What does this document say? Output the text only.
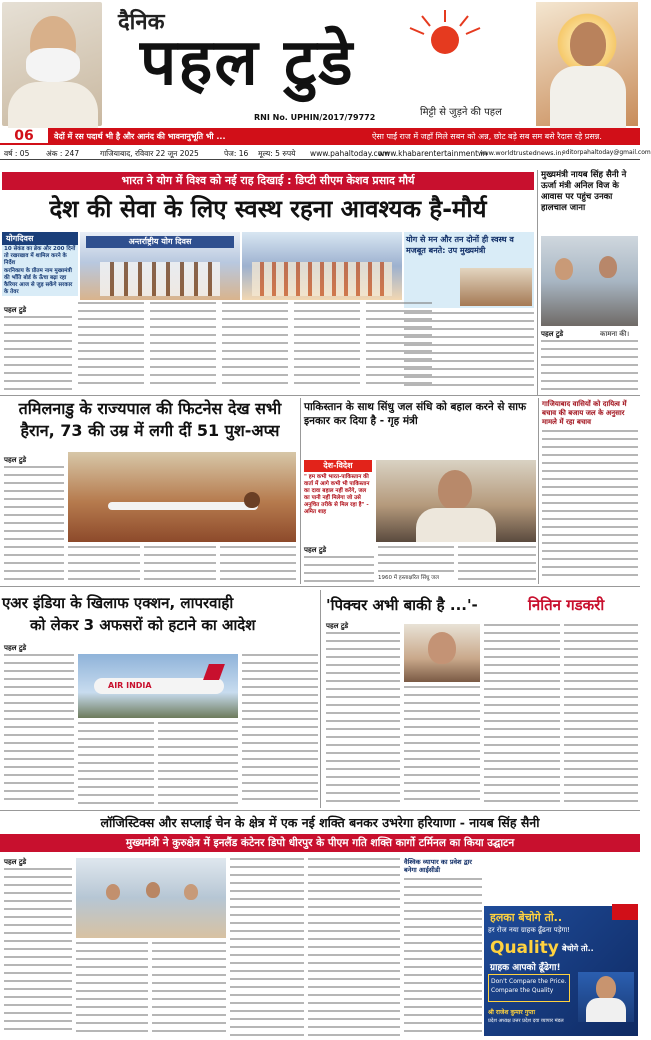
दैनिक
पहल टुडे
मिट्टी से जुड़ने की पहल
RNI No. UPHIN/2017/79772
06	वेदों में रस पदार्थ भी है और आनंद की भावनानुभूति भी ...	ऐसा पाईं राज में जहाँ मिले सबन को अन्न, छोट बड़े सब सम बसे रैदास रहे प्रसन्न.
वर्ष : 05 अंक : 247	गाजियाबाद, रविवार 22 जून 2025	पेज: 16 मूल्य: 5 रुपये www.pahaltoday.com
www.khabarentertainment.in
www.worldtrustednews.in,
editorpahaltoday@gmail.com
भारत ने योग में विश्व को नई राह दिखाई : डिप्टी सीएम केशव प्रसाद मौर्य
देश की सेवा के लिए स्वस्थ रहना आवश्यक है-मौर्य
योगदिवस
10 सेकंड का ब्रेक और 200 दिनों तो रखरखाव में शामिल करने के निर्देश
करनिकाय के प्रीतम नाम मुख्यमंत्री की भाँति बोर्ड के ऊँचा बढ़ा रहा कैरियर आज से जुड़ सकेंगे सरकार के तेवर
अन्तर्राष्ट्रीय योग दिवस	योग से मन और तन दोनों ही स्वस्थ व मजबूत बनते: उप मुख्यमंत्री
पहल टुडे
मुख्यमंत्री नायब सिंह सैनी ने ऊर्जा मंत्री अनिल विज के आवास पर पहुंच उनका हालचाल जाना
पहल टुडे	कामना की।
तमिलनाडु के राज्यपाल की फिटनेस देख सभी
हैरान, 73 की उम्र में लगी दीं 51 पुश-अप्स
पहल टुडे
पाकिस्तान के साथ सिंधु जल संधि को बहाल करने से साफ इनकार कर दिया है - गृह मंत्री
देश-विदेश
" हम कभी भारत-पाकिस्तान की वार्ता में आगे कभी भी पाकिस्तान का दावा बहाल नहीं करेंगे, जल का पानी नहीं मिलेगा जो उसे अनुचित तरीके से मिल रहा है" - अमित शाह
पहल टुडे
1960 में हस्ताक्षरित सिंधु जल
गाजियाबाद वासियों को दायित्व में बचाव की बजाय जल के अनुसार मामले में रहा बचाव
एअर इंडिया के खिलाफ एक्शन, लापरवाही
को लेकर 3 अफसरों को हटाने का आदेश
पहल टुडे
AIR INDIA
'पिक्चर अभी बाकी है ...'-	नितिन गडकरी
पहल टुडे
लॉजिस्टिक्स और सप्लाई चेन के क्षेत्र में एक नई शक्ति बनकर उभरेगा हरियाणा - नायब सिंह सैनी
मुख्यमंत्री ने कुरुक्षेत्र में इनलैंड कंटेनर डिपो धीरपुर के पीएम गति शक्ति कार्गो टर्मिनल का किया उद्घाटन
पहल टुडे	वैश्विक व्यापार का प्रवेश द्वार बनेगा आईसीडी
हलका बेचोगे तो..
हर रोज नया ग्राहक ढूँढना पड़ेगा!
Quality बेचोगे तो..
ग्राहक आपको ढूँढेगा!
Don't Compare the Price. Compare the Quality
श्री राजेश कुमार गुप्ता
प्रदेश अध्यक्ष उत्तर प्रदेश दवा व्यापार मंडल
